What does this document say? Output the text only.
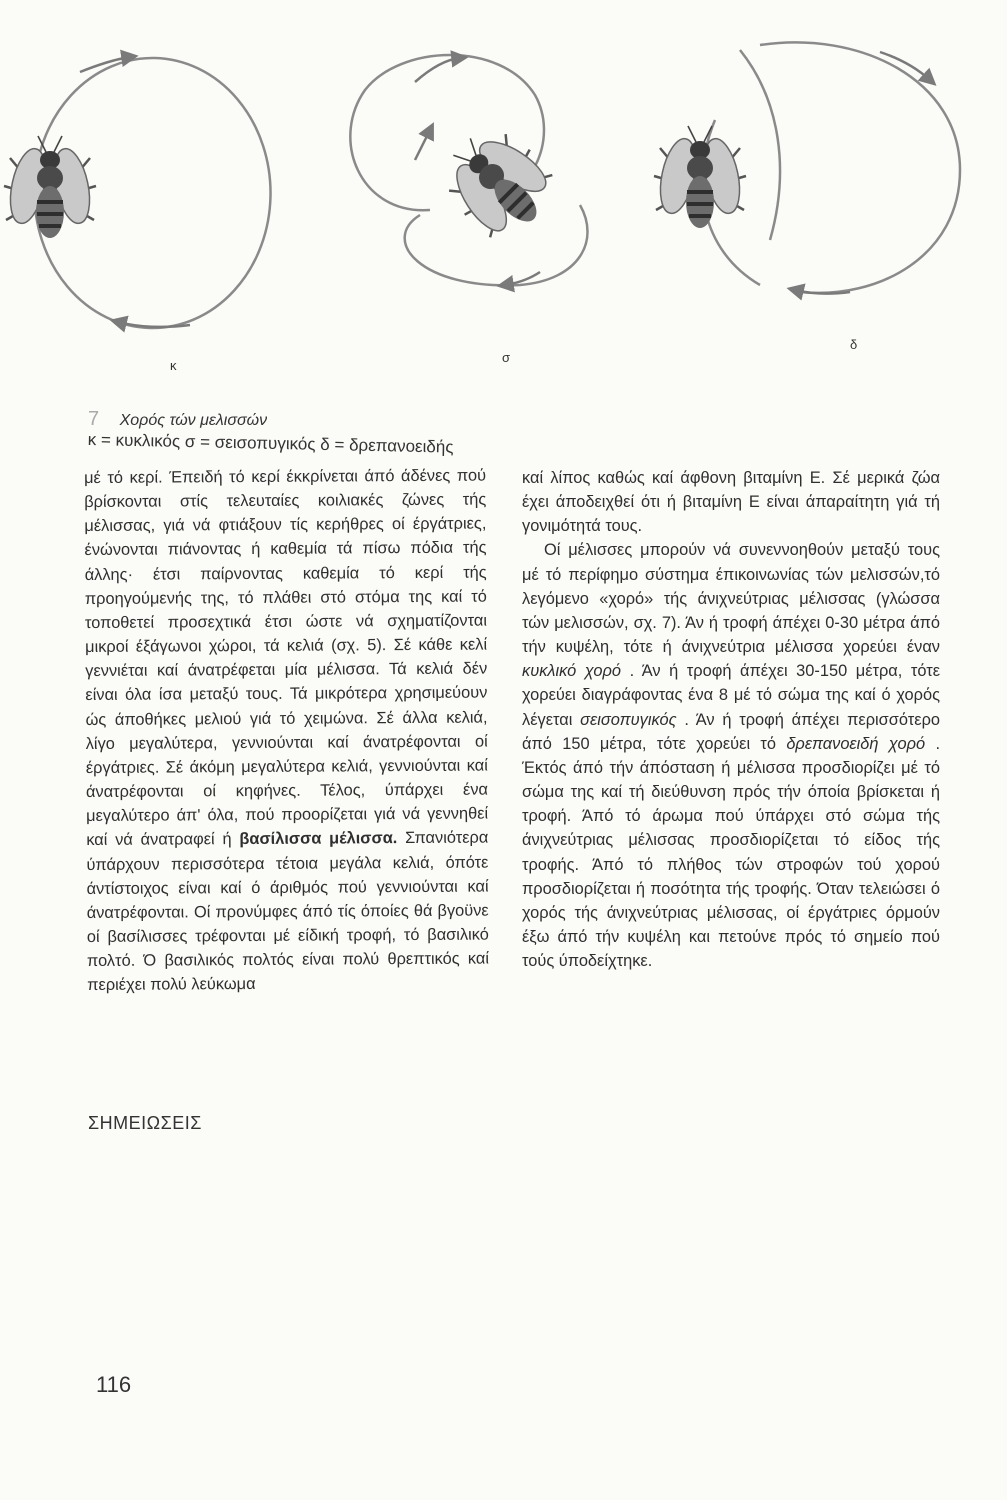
κ
σ
δ
7 Χορός τών μελισσών
κ = κυκλικός σ = σεισοπυγικός δ = δρεπανοειδής

μέ τό κερί. Έπειδή τό κερί έκκρίνεται άπό άδένες πού βρίσκονται στίς τελευταίες κοιλιακές ζώνες τής μέλισσας, γιά νά φτιάξουν τίς κερήθρες οί έργάτριες, ένώνονται πιάνοντας ή καθεμία τά πίσω πόδια τής άλλης· έτσι παίρνοντας καθεμία τό κερί τής προηγούμενής της, τό πλάθει στό στόμα της καί τό τοποθετεί προσεχτικά έτσι ώστε νά σχηματίζονται μικροί έξάγωνοι χώροι, τά κελιά (σχ. 5). Σέ κάθε κελί γεννιέται καί άνατρέφεται μία μέλισσα. Τά κελιά δέν είναι όλα ίσα μεταξύ τους. Τά μικρότερα χρησιμεύουν ώς άποθήκες μελιού γιά τό χειμώνα. Σέ άλλα κελιά, λίγο μεγαλύτερα, γεννιούνται καί άνατρέφονται οί έργάτριες. Σέ άκόμη μεγαλύτερα κελιά, γεννιούνται καί άνατρέφονται οί κηφήνες. Τέλος, ύπάρχει ένα μεγαλύτερο άπ' όλα, πού προορίζεται γιά νά γεννηθεί καί νά άνατραφεί ή βασίλισσα μέλισσα. Σπανιότερα ύπάρχουν περισσότερα τέτοια μεγάλα κελιά, όπότε άντίστοιχος είναι καί ό άριθμός πού γεννιούνται καί άνατρέφονται. Οί προνύμφες άπό τίς όποίες θά βγοϋνε οί βασίλισσες τρέφονται μέ είδική τροφή, τό βασιλικό πολτό. Ό βασιλικός πολτός είναι πολύ θρεπτικός καί περιέχει πολύ λεύκωμα

καί λίπος καθώς καί άφθονη βιταμίνη Ε. Σέ μερικά ζώα έχει άποδειχθεί ότι ή βιταμίνη Ε είναι άπαραίτητη γιά τή γονιμότητά τους.

Οί μέλισσες μπορούν νά συνεννοηθούν μεταξύ τους μέ τό περίφημο σύστημα έπικοινωνίας τών μελισσών,τό λεγόμενο «χορό» τής άνιχνεύτριας μέλισσας (γλώσσα τών μελισσών, σχ. 7). Άν ή τροφή άπέχει 0-30 μέτρα άπό τήν κυψέλη, τότε ή άνιχνεύτρια μέλισσα χορεύει έναν κυκλικό χορό . Άν ή τροφή άπέχει 30-150 μέτρα, τότε χορεύει διαγράφοντας ένα 8 μέ τό σώμα της καί ό χορός λέγεται σεισοπυγικός . Άν ή τροφή άπέχει περισσότερο άπό 150 μέτρα, τότε χορεύει τό δρεπανοειδή χορό . Έκτός άπό τήν άπόσταση ή μέλισσα προσδιορίζει μέ τό σώμα της καί τή διεύθυνση πρός τήν όποία βρίσκεται ή τροφή. Άπό τό άρωμα πού ύπάρχει στό σώμα τής άνιχνεύτριας μέλισσας προσδιορίζεται τό είδος τής τροφής. Άπό τό πλήθος τών στροφών τού χορού προσδιορίζεται ή ποσότητα τής τροφής. Όταν τελειώσει ό χορός τής άνιχνεύτριας μέλισσας, οί έργάτριες όρμούν έξω άπό τήν κυψέλη και πετούνε πρός τό σημείο πού τούς ύποδείχτηκε.

ΣΗΜΕΙΩΣΕΙΣ
116
